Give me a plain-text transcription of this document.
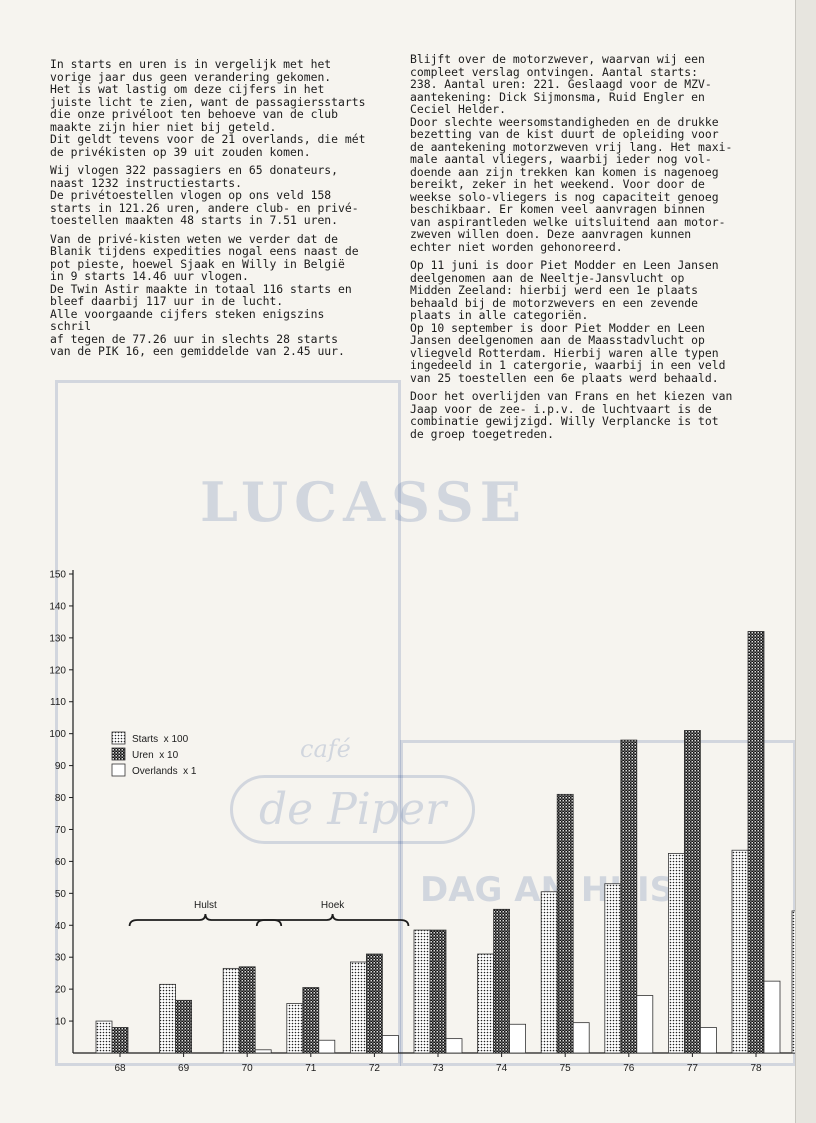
LUCASSE
café
de Piper
DAG AN HUIS

In starts en uren is in vergelijk met het
vorige jaar dus geen verandering gekomen.
Het is wat lastig om deze cijfers in het
juiste licht te zien, want de passagiersstarts
die onze privéloot ten behoeve van de club
maakte zijn hier niet bij geteld.
Dit geldt tevens voor de 21 overlands, die mét
de privékisten op 39 uit zouden komen.

Wij vlogen 322 passagiers en 65 donateurs,
naast 1232 instructiestarts.
De privétoestellen vlogen op ons veld 158
starts in 121.26 uren, andere club- en privé-
toestellen maakten 48 starts in 7.51 uren.

Van de privé-kisten weten we verder dat de
Blanik tijdens expedities nogal eens naast de
pot pieste, hoewel Sjaak en Willy in België
in 9 starts 14.46 uur vlogen.
De Twin Astir maakte in totaal 116 starts en
bleef daarbij 117 uur in de lucht.
Alle voorgaande cijfers steken enigszins schril
af tegen de 77.26 uur in slechts 28 starts
van de PIK 16, een gemiddelde van 2.45 uur.

Blijft over de motorzwever, waarvan wij een
compleet verslag ontvingen. Aantal starts:
238. Aantal uren: 221. Geslaagd voor de MZV-
aantekening: Dick Sijmonsma, Ruid Engler en
Ceciel Helder.
Door slechte weersomstandigheden en de drukke
bezetting van de kist duurt de opleiding voor
de aantekening motorzweven vrij lang. Het maxi-
male aantal vliegers, waarbij ieder nog vol-
doende aan zijn trekken kan komen is nagenoeg
bereikt, zeker in het weekend. Voor door de
weekse solo-vliegers is nog capaciteit genoeg
beschikbaar. Er komen veel aanvragen binnen
van aspirantleden welke uitsluitend aan motor-
zweven willen doen. Deze aanvragen kunnen
echter niet worden gehonoreerd.

Op 11 juni is door Piet Modder en Leen Jansen
deelgenomen aan de Neeltje-Jansvlucht op
Midden Zeeland: hierbij werd een 1e plaats
behaald bij de motorzwevers en een zevende
plaats in alle categoriën.
Op 10 september is door Piet Modder en Leen
Jansen deelgenomen aan de Maasstadvlucht op
vliegveld Rotterdam. Hierbij waren alle typen
ingedeeld in 1 catergorie, waarbij in een veld
van 25 toestellen een 6e plaats werd behaald.

Door het overlijden van Frans en het kiezen van
Jaap voor de zee- i.p.v. de luchtvaart is de
combinatie gewijzigd. Willy Verplancke is tot
de groep toegetreden.

10
20
30
40
50
60
70
80
90
100
110
120
130
140
150
68	69	70	71	72	73	74	75	76	77	78
Starts  x 100
Uren  x 10
Overlands  x 1
Hulst	Hoek
